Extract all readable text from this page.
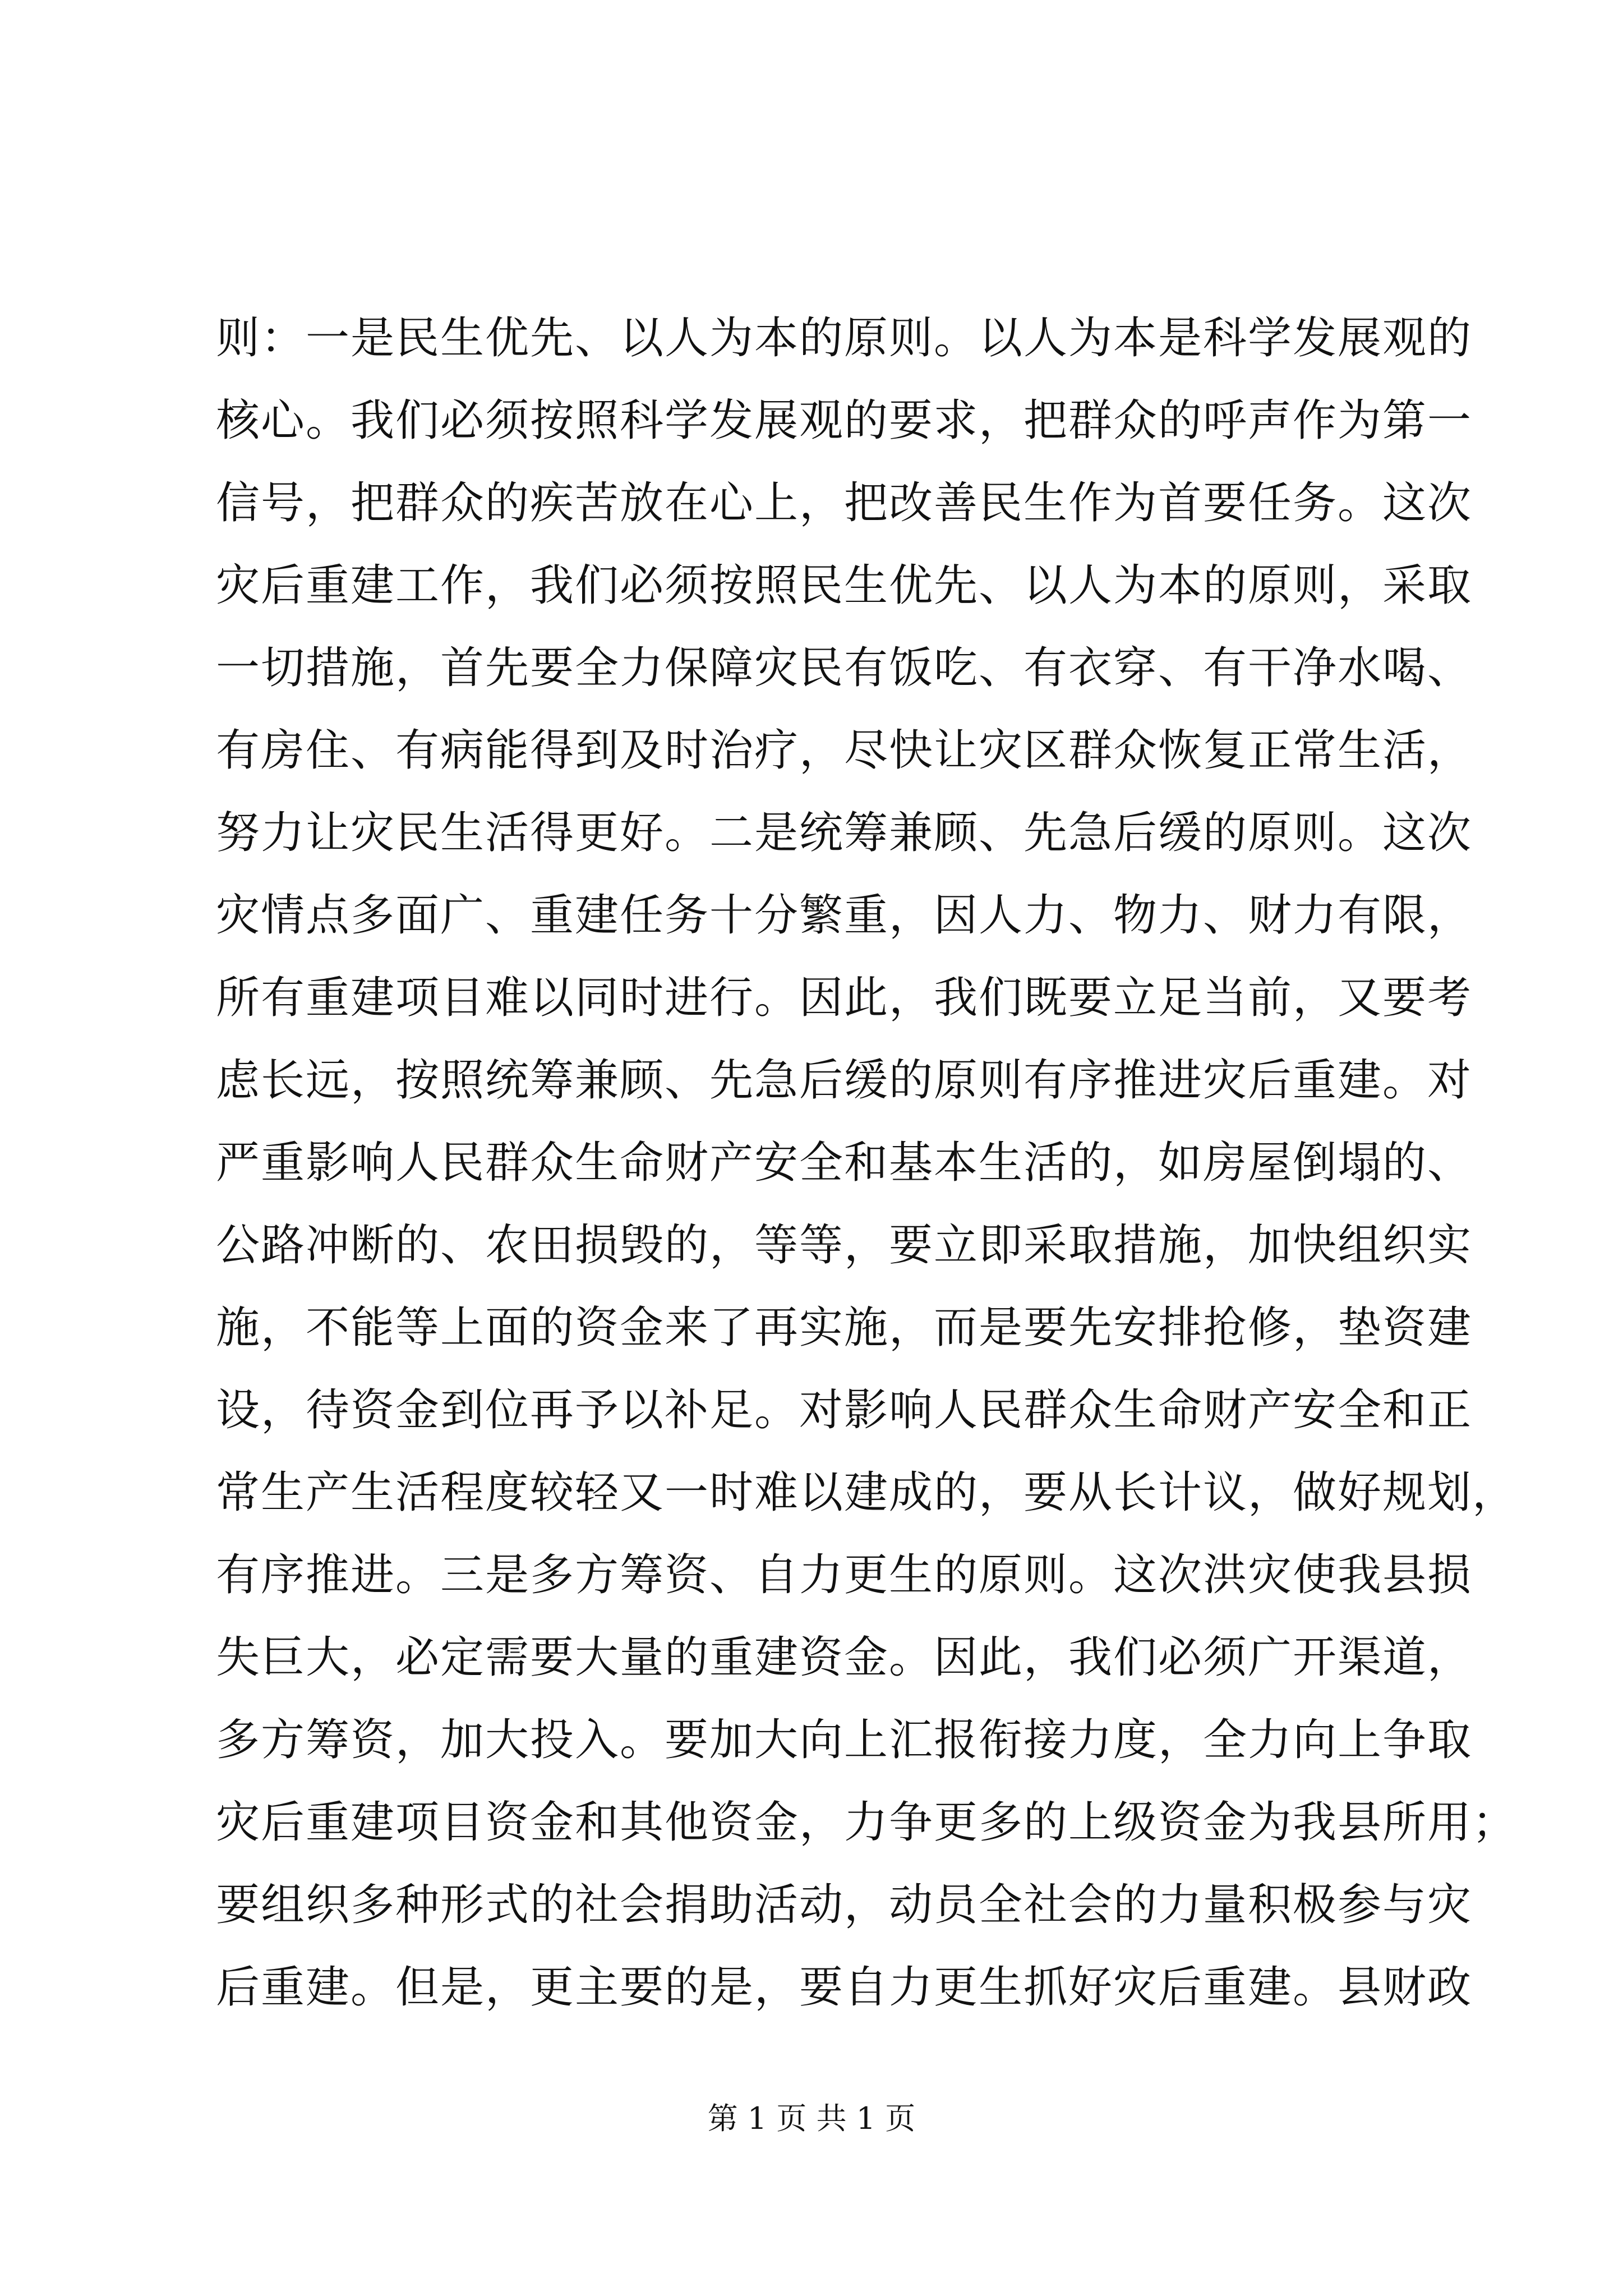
则：一是民生优先、以人为本的原则。以人为本是科学发展观的
核心。我们必须按照科学发展观的要求，把群众的呼声作为第一
信号，把群众的疾苦放在心上，把改善民生作为首要任务。这次
灾后重建工作，我们必须按照民生优先、以人为本的原则，采取
一切措施，首先要全力保障灾民有饭吃、有衣穿、有干净水喝、
有房住、有病能得到及时治疗，尽快让灾区群众恢复正常生活，
努力让灾民生活得更好。二是统筹兼顾、先急后缓的原则。这次
灾情点多面广、重建任务十分繁重，因人力、物力、财力有限，
所有重建项目难以同时进行。因此，我们既要立足当前，又要考
虑长远，按照统筹兼顾、先急后缓的原则有序推进灾后重建。对
严重影响人民群众生命财产安全和基本生活的，如房屋倒塌的、
公路冲断的、农田损毁的，等等，要立即采取措施，加快组织实
施，不能等上面的资金来了再实施，而是要先安排抢修，垫资建
设，待资金到位再予以补足。对影响人民群众生命财产安全和正
常生产生活程度较轻又一时难以建成的，要从长计议，做好规划，
有序推进。三是多方筹资、自力更生的原则。这次洪灾使我县损
失巨大，必定需要大量的重建资金。因此，我们必须广开渠道，
多方筹资，加大投入。要加大向上汇报衔接力度，全力向上争取
灾后重建项目资金和其他资金，力争更多的上级资金为我县所用；
要组织多种形式的社会捐助活动，动员全社会的力量积极参与灾
后重建。但是，更主要的是，要自力更生抓好灾后重建。县财政
第 1 页 共 1 页
